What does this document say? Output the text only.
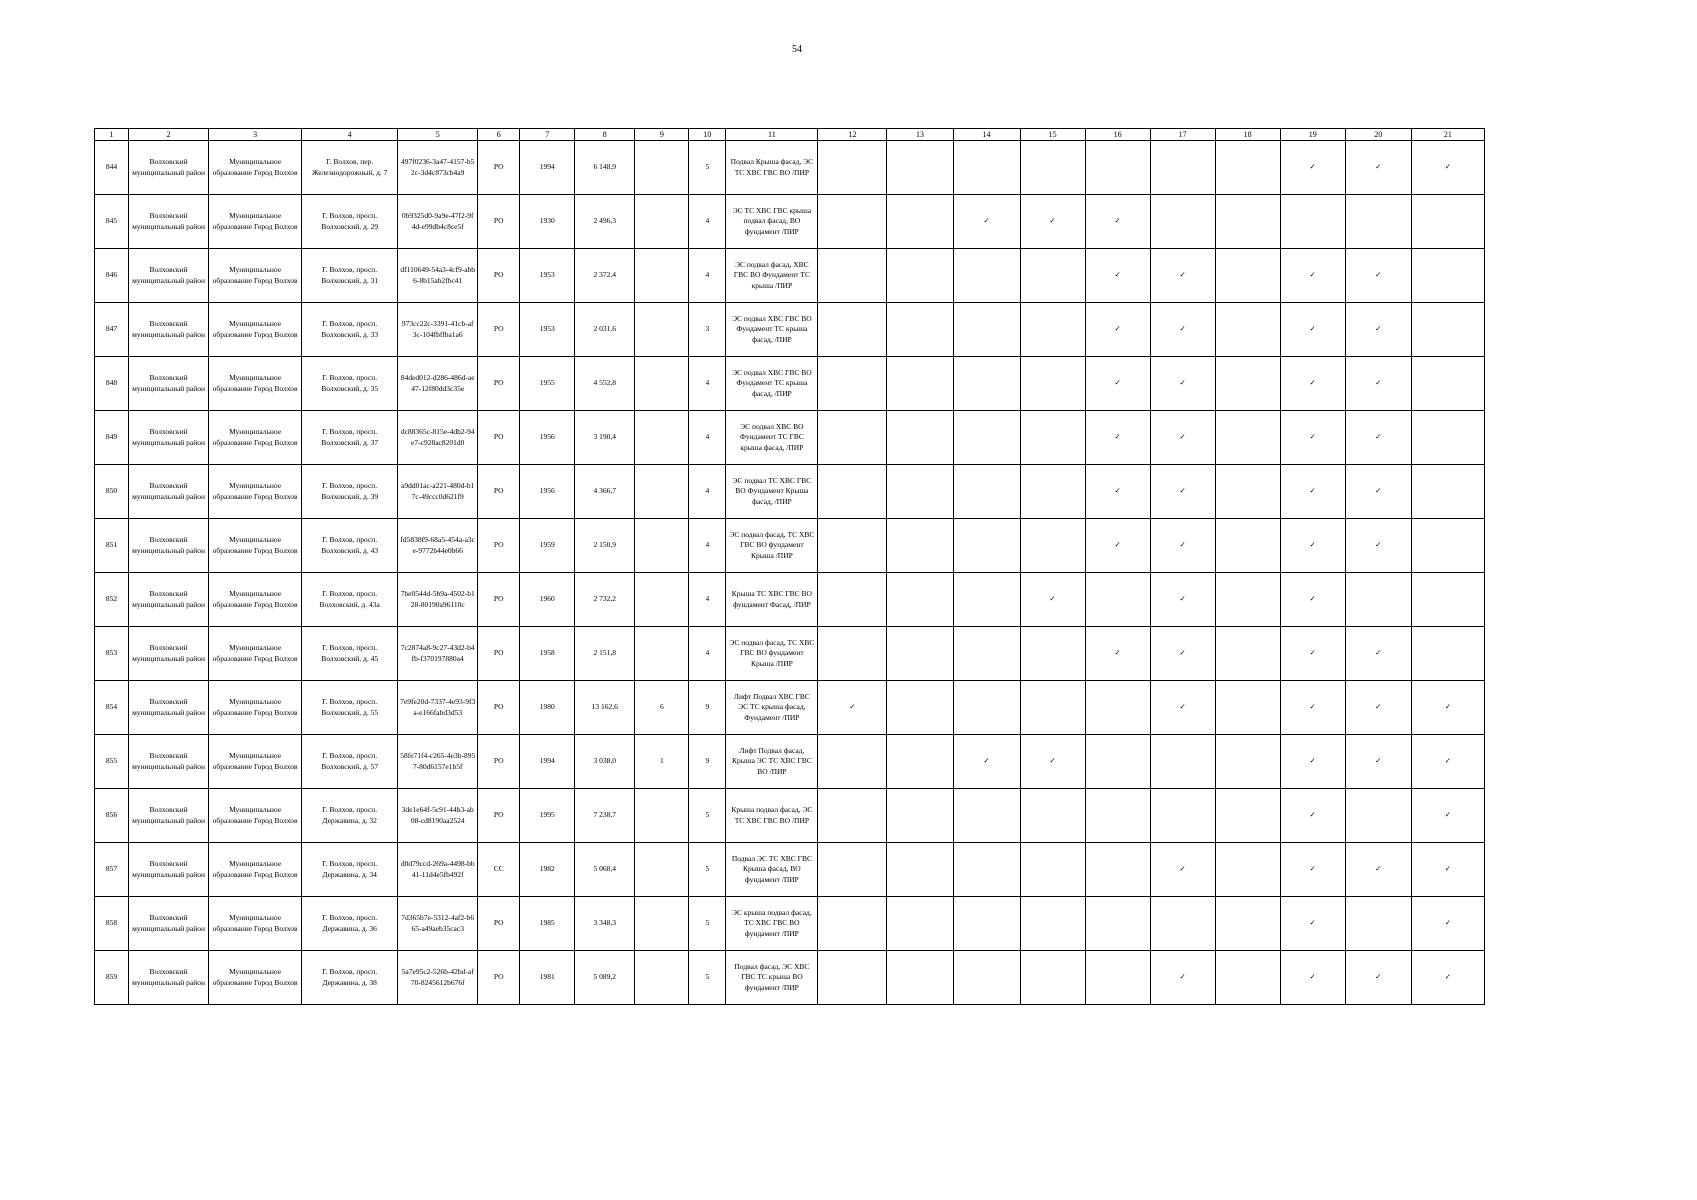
54
1	2	3	4	5	6	7	8	9	10	11	12	13	14	15	16	17	18	19	20	21
844	Волховский муниципальный район	Муниципальное образование Город Волхов	Г. Волхов, пер. Железнодорожный, д. 7	497f0236-3a47-4157-b52c-3d4c873cb4a9	РО	1994	6 148,9		5	Подвал Крыша фасад, ЭС ТС ХВС ГВС ВО /ПИР								✓	✓	✓
845	Волховский муниципальный район	Муниципальное образование Город Волхов	Г. Волхов, просп. Волховский, д. 29	0b9325d0-9a9e-47f2-9f4d-e99db4c8ce5f	РО	1930	2 496,3		4	ЭС ТС ХВС ГВС крыша подвал фасад, ВО фундамент /ПИР			✓	✓	✓					
846	Волховский муниципальный район	Муниципальное образование Город Волхов	Г. Волхов, просп. Волховский, д. 31	df110649-54a3-4cf9-abb6-8b15ab2fbc41	РО	1953	2 372,4		4	ЭС подвал фасад, ХВС ГВС ВО Фундамент ТС крыша /ПИР					✓	✓		✓	✓	
847	Волховский муниципальный район	Муниципальное образование Город Волхов	Г. Волхов, просп. Волховский, д. 33	973cc22c-3391-41cb-af3c-104fbffba1a6	РО	1953	2 031,6		3	ЭС подвал ХВС ГВС ВО Фундамент ТС крыша фасад, /ПИР					✓	✓		✓	✓	
848	Волховский муниципальный район	Муниципальное образование Город Волхов	Г. Волхов, просп. Волховский, д. 35	84ded012-d286-486d-ae47-12f80dd3c35e	РО	1955	4 552,8		4	ЭС подвал ХВС ГВС ВО Фундамент ТС крыша фасад, /ПИР					✓	✓		✓	✓	
849	Волховский муниципальный район	Муниципальное образование Город Волхов	Г. Волхов, просп. Волховский, д. 37	dc88365c-815e-4db2-94e7-c928ac8201d0	РО	1956	3 190,4		4	ЭС подвал ХВС ВО Фундамент ТС ГВС крыша фасад, /ПИР					✓	✓		✓	✓	
850	Волховский муниципальный район	Муниципальное образование Город Волхов	Г. Волхов, просп. Волховский, д. 39	a9dd01ac-a221-480d-b17c-49ccc0d621f9	РО	1956	4 366,7		4	ЭС подвал ТС ХВС ГВС ВО Фундамент Крыша фасад, /ПИР					✓	✓		✓	✓	
851	Волховский муниципальный район	Муниципальное образование Город Волхов	Г. Волхов, просп. Волховский, д. 43	fd5838f9-68a5-454a-a3ce-9772b44e0b66	РО	1959	2 150,9		4	ЭС подвал фасад, ТС ХВС ГВС ВО фундамент Крыша /ПИР					✓	✓		✓	✓	
852	Волховский муниципальный район	Муниципальное образование Город Волхов	Г. Волхов, просп. Волховский, д. 43а	7be0544d-5b9a-4502-b128-80190a96110c	РО	1960	2 732,2		4	Крыша ТС ХВС ГВС ВО фундамент Фасад, /ПИР				✓		✓		✓		
853	Волховский муниципальный район	Муниципальное образование Город Волхов	Г. Волхов, просп. Волховский, д. 45	7c2874a8-9c27-43d2-b4fb-f370197880a4	РО	1958	2 151,8		4	ЭС подвал фасад, ТС ХВС ГВС ВО фундамент Крыша /ПИР					✓	✓		✓	✓	
854	Волховский муниципальный район	Муниципальное образование Город Волхов	Г. Волхов, просп. Волховский, д. 55	7e9fe20d-7337-4e93-9f3a-e166fabd3d53	РО	1980	13 162,6	6	9	Лифт Подвал ХВС ГВС ЭС ТС крыша фасад, Фундамент /ПИР	✓					✓		✓	✓	✓
855	Волховский муниципальный район	Муниципальное образование Город Волхов	Г. Волхов, просп. Волховский, д. 57	58fe71f4-c265-4e3b-8957-80d6157e1b5f	РО	1994	3 038,0	1	9	Лифт Подвал фасад, Крыша ЭС ТС ХВС ГВС ВО /ПИР			✓	✓				✓	✓	✓
856	Волховский муниципальный район	Муниципальное образование Город Волхов	Г. Волхов, просп. Державина, д. 32	3de1e64f-5c91-44b3-ab08-cd8190aa2524	РО	1995	7 238,7		5	Крыша подвал фасад, ЭС ТС ХВС ГВС ВО /ПИР								✓		✓
857	Волховский муниципальный район	Муниципальное образование Город Волхов	Г. Волхов, просп. Державина, д. 34	d0d79ccd-269a-4498-bb41-11d4e5fb492f	СС	1982	5 068,4		5	Подвал ЭС ТС ХВС ГВС Крыша фасад, ВО фундамент /ПИР						✓		✓	✓	✓
858	Волховский муниципальный район	Муниципальное образование Город Волхов	Г. Волхов, просп. Державина, д. 36	7d365b7e-5312-4af2-b665-a49aeb35cac3	РО	1985	3 348,3		5	ЭС крыша подвал фасад, ТС ХВС ГВС ВО фундамент /ПИР								✓		✓
859	Волховский муниципальный район	Муниципальное образование Город Волхов	Г. Волхов, просп. Державина, д. 38	5a7e95c2-526b-42bd-af70-8245612b676f	РО	1981	5 089,2		5	Подвал фасад, ЭС ХВС ГВС ТС крыша ВО фундамент /ПИР						✓		✓	✓	✓
